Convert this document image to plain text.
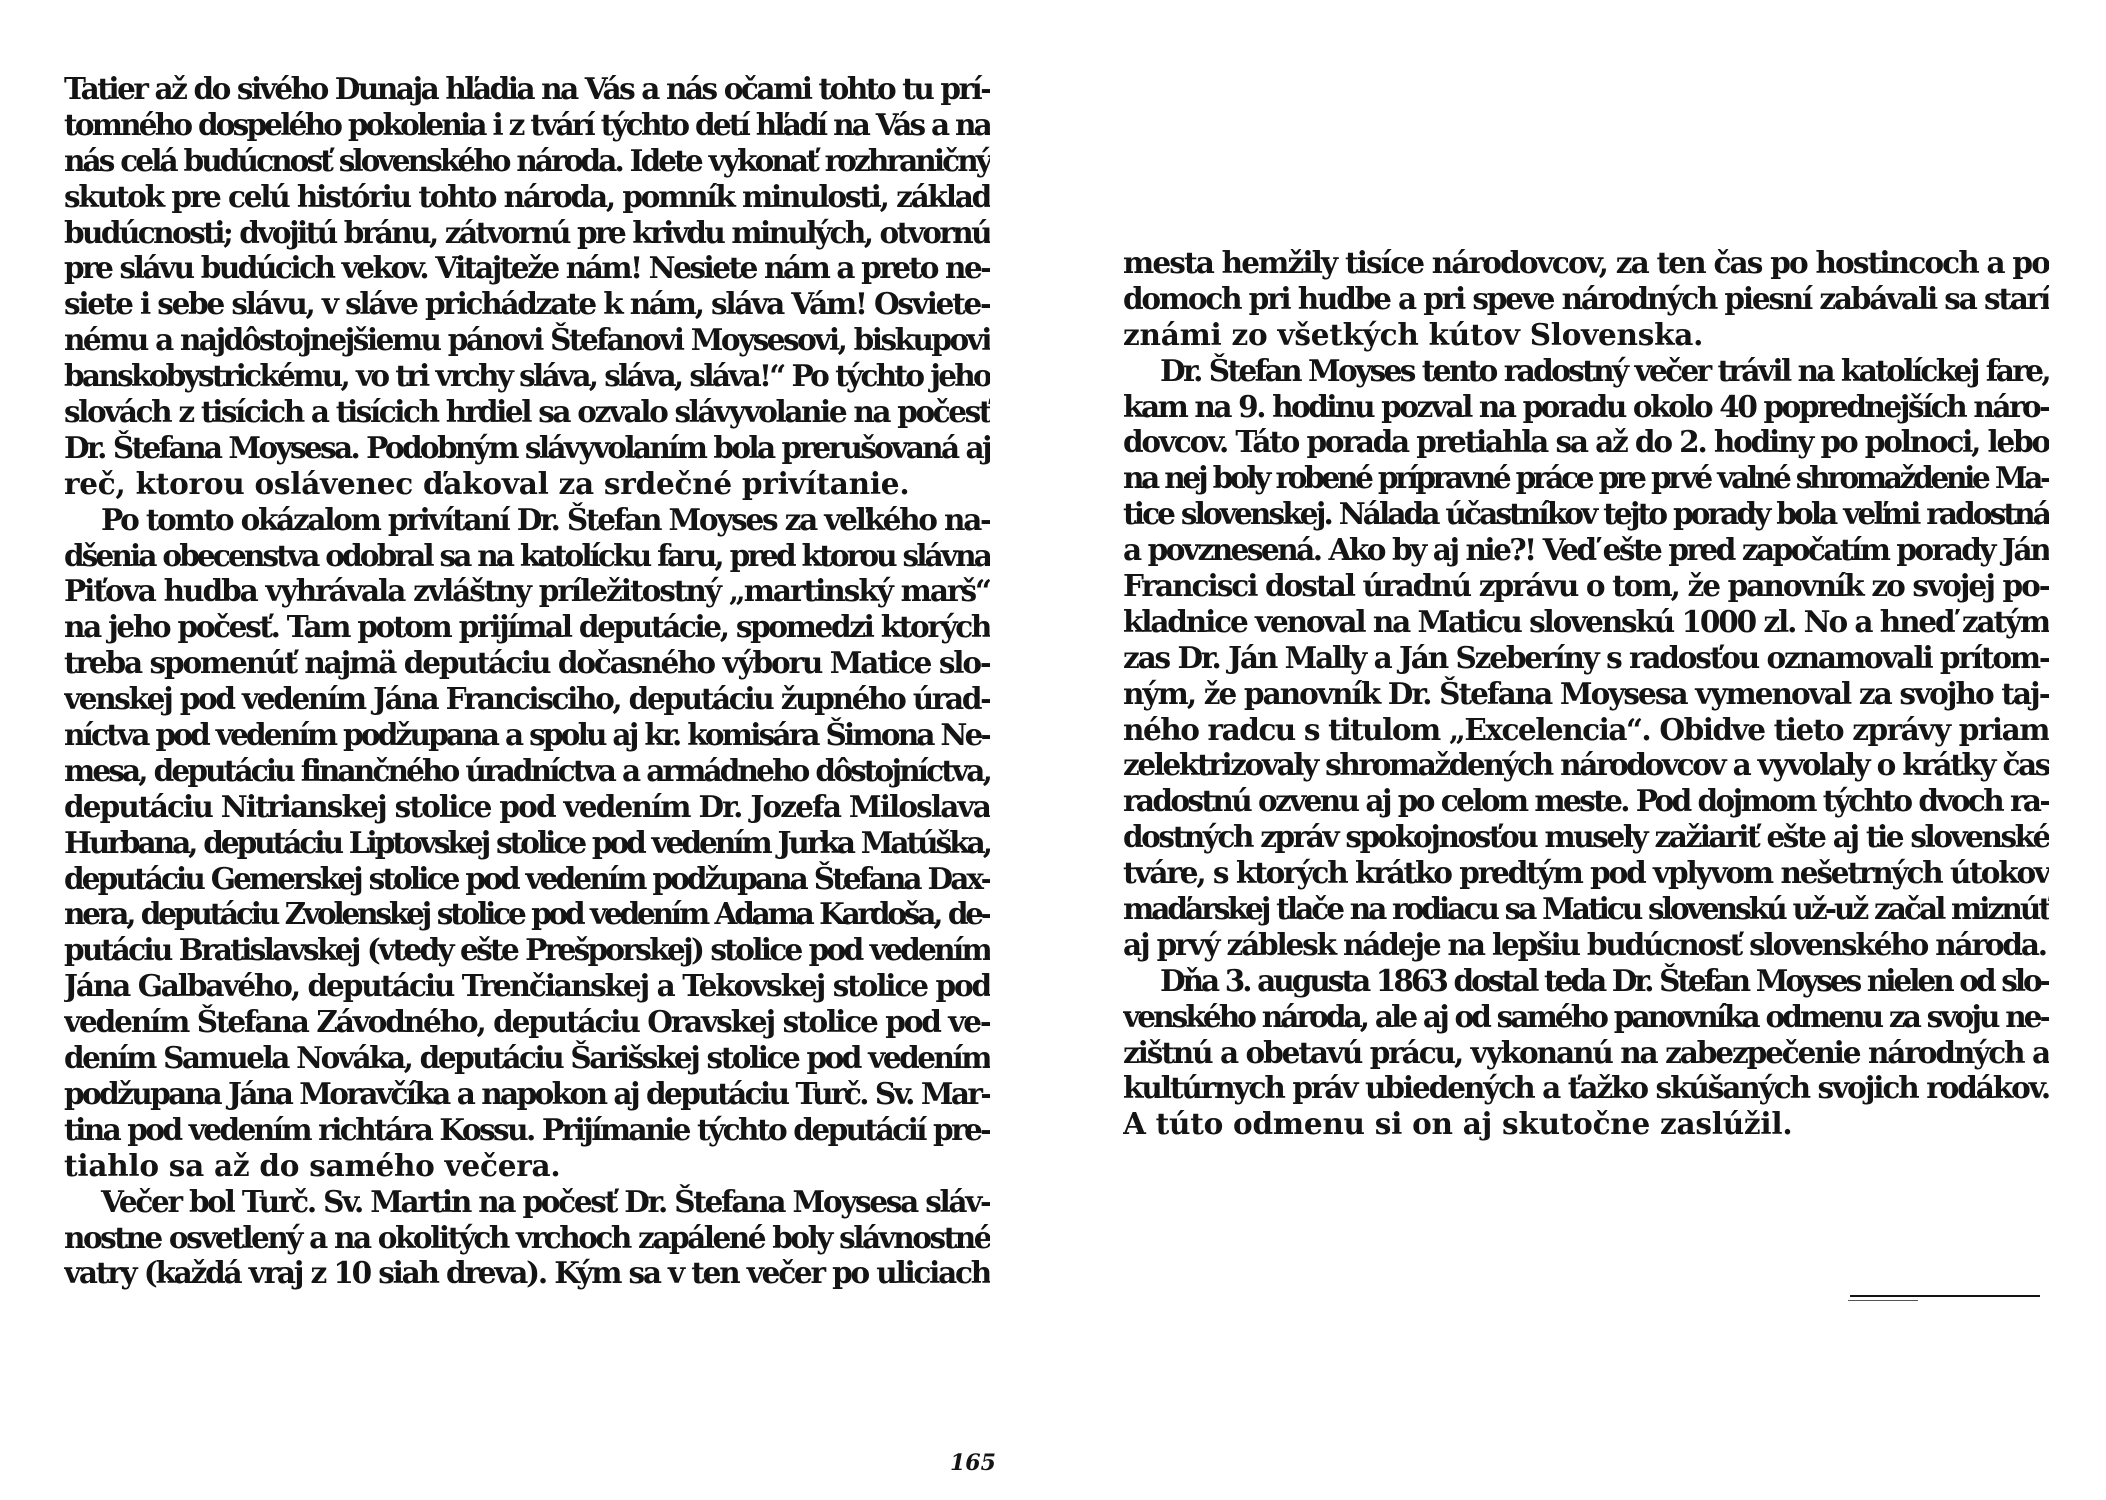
Tatier až do sivého Dunaja hľadia na Vás a nás očami tohto tu prí-
tomného dospelého pokolenia i z tvárí týchto detí hľadí na Vás a na
nás celá budúcnosť slovenského národa. Idete vykonať rozhraničný
skutok pre celú históriu tohto národa, pomník minulosti, základ
budúcnosti; dvojitú bránu, zátvornú pre krivdu minulých, otvornú
pre slávu budúcich vekov. Vitajteže nám! Nesiete nám a preto ne-
siete i sebe slávu, v sláve prichádzate k nám, sláva Vám! Osviete-
nému a najdôstojnejšiemu pánovi Štefanovi Moysesovi, biskupovi
banskobystrickému, vo tri vrchy sláva, sláva, sláva!“ Po týchto jeho
slovách z tisícich a tisícich hrdiel sa ozvalo slávyvolanie na počesť
Dr. Štefana Moysesa. Podobným slávyvolaním bola prerušovaná aj
reč, ktorou oslávenec ďakoval za srdečné privítanie.
Po tomto okázalom privítaní Dr. Štefan Moyses za veľkého na-
dšenia obecenstva odobral sa na katolícku faru, pred ktorou slávna
Piťova hudba vyhrávala zvláštny príležitostný „martinský marš“
na jeho počesť. Tam potom prijímal deputácie, spomedzi ktorých
treba spomenúť najmä deputáciu dočasného výboru Matice slo-
venskej pod vedením Jána Francisciho, deputáciu župného úrad-
níctva pod vedením podžupana a spolu aj kr. komisára Šimona Ne-
mesa, deputáciu finančného úradníctva a armádneho dôstojníctva,
deputáciu Nitrianskej stolice pod vedením Dr. Jozefa Miloslava
Hurbana, deputáciu Liptovskej stolice pod vedením Jurka Matúška,
deputáciu Gemerskej stolice pod vedením podžupana Štefana Dax-
nera, deputáciu Zvolenskej stolice pod vedením Adama Kardoša, de-
putáciu Bratislavskej (vtedy ešte Prešporskej) stolice pod vedením
Jána Galbavého, deputáciu Trenčianskej a Tekovskej stolice pod
vedením Štefana Závodného, deputáciu Oravskej stolice pod ve-
dením Samuela Nováka, deputáciu Šarišskej stolice pod vedením
podžupana Jána Moravčíka a napokon aj deputáciu Turč. Sv. Mar-
tina pod vedením richtára Kossu. Prijímanie týchto deputácií pre-
tiahlo sa až do samého večera.
Večer bol Turč. Sv. Martin na počesť Dr. Štefana Moysesa sláv-
nostne osvetlený a na okolitých vrchoch zapálené boly slávnostné
vatry (každá vraj z 10 siah dreva). Kým sa v ten večer po uliciach
mesta hemžily tisíce národovcov, za ten čas po hostincoch a po
domoch pri hudbe a pri speve národných piesní zabávali sa starí
známi zo všetkých kútov Slovenska.
Dr. Štefan Moyses tento radostný večer trávil na katolíckej fare,
kam na 9. hodinu pozval na poradu okolo 40 poprednejších náro-
dovcov. Táto porada pretiahla sa až do 2. hodiny po polnoci, lebo
na nej boly robené prípravné práce pre prvé valné shromaždenie Ma-
tice slovenskej. Nálada účastníkov tejto porady bola veľmi radostná
a povznesená. Ako by aj nie?! Veď ešte pred započatím porady Ján
Francisci dostal úradnú zprávu o tom, že panovník zo svojej po-
kladnice venoval na Maticu slovenskú 1000 zl. No a hneď zatým
zas Dr. Ján Mally a Ján Szeberíny s radosťou oznamovali prítom-
ným, že panovník Dr. Štefana Moysesa vymenoval za svojho taj-
ného radcu s titulom „Excelencia“. Obidve tieto zprávy priam
zelektrizovaly shromaždených národovcov a vyvolaly o krátky čas
radostnú ozvenu aj po celom meste. Pod dojmom týchto dvoch ra-
dostných zpráv spokojnosťou musely zažiariť ešte aj tie slovenské
tváre, s ktorých krátko predtým pod vplyvom nešetrných útokov
maďarskej tlače na rodiacu sa Maticu slovenskú už-už začal miznúť
aj prvý záblesk nádeje na lepšiu budúcnosť slovenského národa.
Dňa 3. augusta 1863 dostal teda Dr. Štefan Moyses nielen od slo-
venského národa, ale aj od samého panovníka odmenu za svoju ne-
zištnú a obetavú prácu, vykonanú na zabezpečenie národných a
kultúrnych práv ubiedených a ťažko skúšaných svojich rodákov.
A túto odmenu si on aj skutočne zaslúžil.
165
